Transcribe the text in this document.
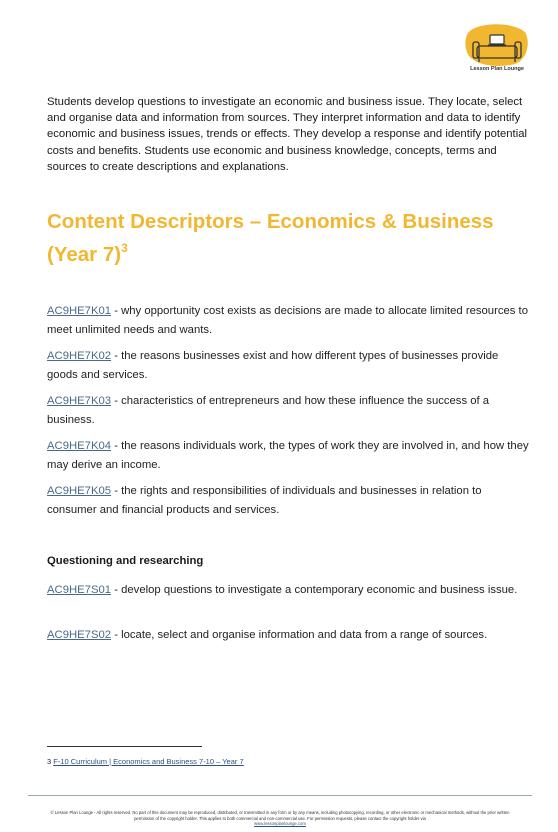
Lesson Plan Lounge

Students develop questions to investigate an economic and business issue. They locate, select and organise data and information from sources. They interpret information and data to identify economic and business issues, trends or effects. They develop a response and identify potential costs and benefits. Students use economic and business knowledge, concepts, terms and sources to create descriptions and explanations.

Content Descriptors – Economics & Business (Year 7)$^3$

AC9HE7K01 - why opportunity cost exists as decisions are made to allocate limited resources to meet unlimited needs and wants.

AC9HE7K02 - the reasons businesses exist and how different types of businesses provide goods and services.

AC9HE7K03 - characteristics of entrepreneurs and how these influence the success of a business.

AC9HE7K04 - the reasons individuals work, the types of work they are involved in, and how they may derive an income.

AC9HE7K05 - the rights and responsibilities of individuals and businesses in relation to consumer and financial products and services.

Questioning and researching

AC9HE7S01 - develop questions to investigate a contemporary economic and business issue.

AC9HE7S02 - locate, select and organise information and data from a range of sources.

3 F-10 Curriculum | Economics and Business 7-10 – Year 7

© Lesson Plan Lounge - All rights reserved. No part of this document may be reproduced, distributed, or transmitted in any form or by any means, including photocopying, recording, or other electronic or mechanical methods, without the prior written permission of the copyright holder. This applies to both commercial and non-commercial use. For permission requests, please contact the copyright holder via
www.lessonplanlounge.com
